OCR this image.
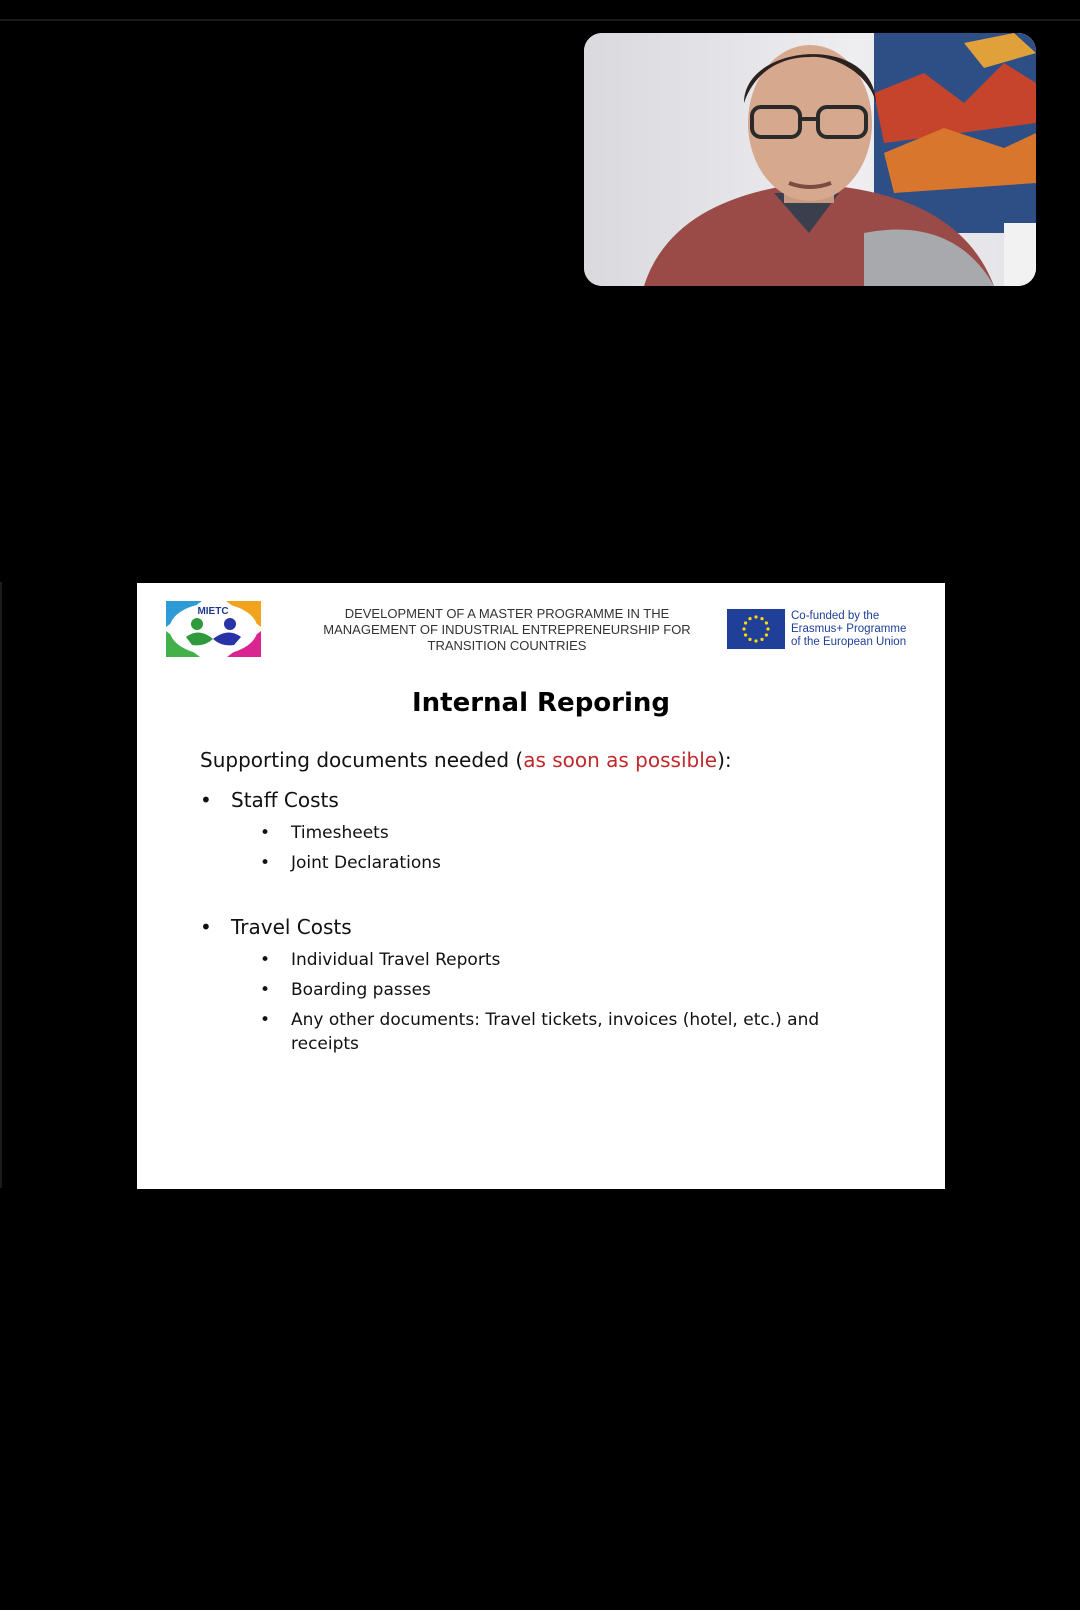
MIETC	DEVELOPMENT OF A MASTER PROGRAMME IN THE MANAGEMENT OF INDUSTRIAL ENTREPRENEURSHIP FOR TRANSITION COUNTRIES
Co-funded by the
Erasmus+ Programme
of the European Union
Internal Reporing
Supporting documents needed (as soon as possible):
• Staff Costs
• Timesheets
• Joint Declarations
• Travel Costs
• Individual Travel Reports
• Boarding passes
• Any other documents: Travel tickets, invoices (hotel, etc.) and receipts
